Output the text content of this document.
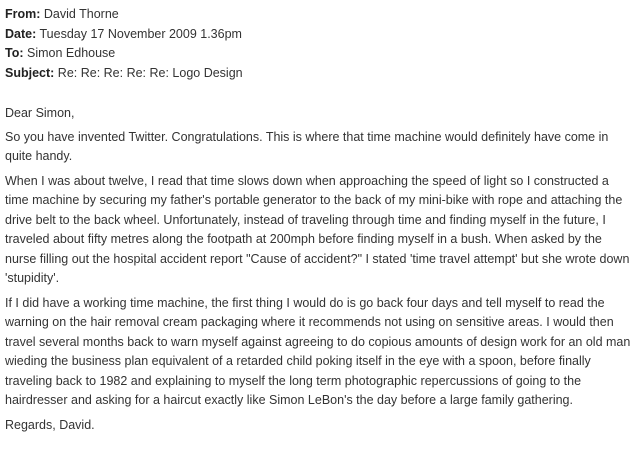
From: David Thorne
Date: Tuesday 17 November 2009 1.36pm
To: Simon Edhouse
Subject: Re: Re: Re: Re: Re: Logo Design
Dear Simon,

So you have invented Twitter. Congratulations. This is where that time machine would definitely have come in quite handy.

When I was about twelve, I read that time slows down when approaching the speed of light so I constructed a time machine by securing my father's portable generator to the back of my mini-bike with rope and attaching the drive belt to the back wheel. Unfortunately, instead of traveling through time and finding myself in the future, I traveled about fifty metres along the footpath at 200mph before finding myself in a bush. When asked by the nurse filling out the hospital accident report "Cause of accident?" I stated 'time travel attempt' but she wrote down 'stupidity'.

If I did have a working time machine, the first thing I would do is go back four days and tell myself to read the warning on the hair removal cream packaging where it recommends not using on sensitive areas. I would then travel several months back to warn myself against agreeing to do copious amounts of design work for an old man wieding the business plan equivalent of a retarded child poking itself in the eye with a spoon, before finally traveling back to 1982 and explaining to myself the long term photographic repercussions of going to the hairdresser and asking for a haircut exactly like Simon LeBon's the day before a large family gathering.

Regards, David.
